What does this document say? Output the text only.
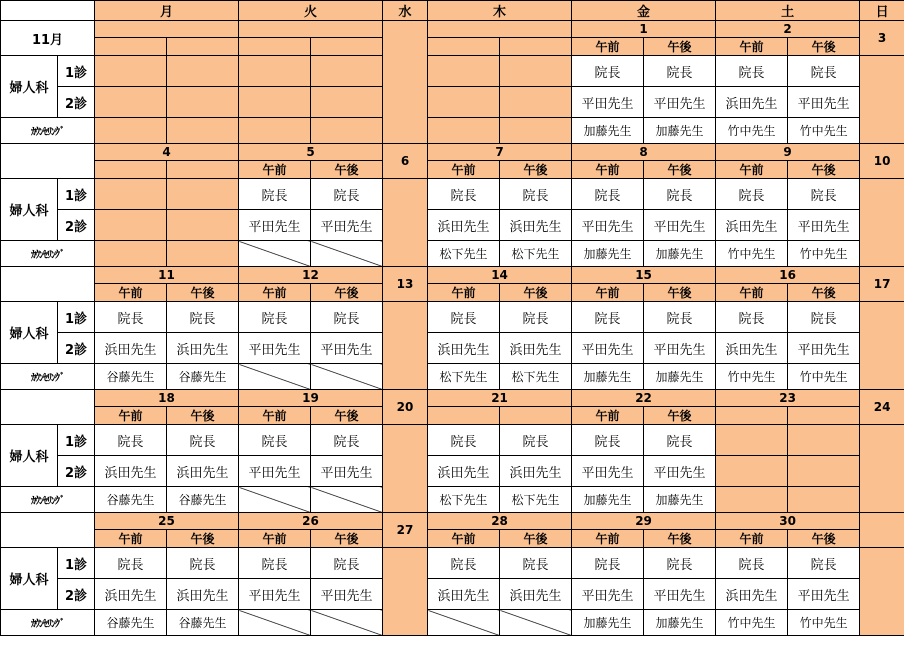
		月		火		水	木		金		土		日
11月									1		2		3
									午前	午後	午前	午後	
婦人科	1診								院長	院長	院長	院長	
	2診								平田先生	平田先生	浜田先生	平田先生	
ｶｳﾝｾﾘﾝｸﾞ									加藤先生	加藤先生	竹中先生	竹中先生	
		4		5		6	7		8		9		10
				午前	午後		午前	午後	午前	午後	午前	午後	
婦人科	1診			院長	院長		院長	院長	院長	院長	院長	院長	
	2診			平田先生	平田先生		浜田先生	浜田先生	平田先生	平田先生	浜田先生	平田先生	
ｶｳﾝｾﾘﾝｸﾞ							松下先生	松下先生	加藤先生	加藤先生	竹中先生	竹中先生	
		11		12		13	14		15		16		17
		午前	午後	午前	午後		午前	午後	午前	午後	午前	午後	
婦人科	1診	院長	院長	院長	院長		院長	院長	院長	院長	院長	院長	
	2診	浜田先生	浜田先生	平田先生	平田先生		浜田先生	浜田先生	平田先生	平田先生	浜田先生	平田先生	
ｶｳﾝｾﾘﾝｸﾞ		谷藤先生	谷藤先生				松下先生	松下先生	加藤先生	加藤先生	竹中先生	竹中先生	
		18		19		20	21		22		23		24
		午前	午後	午前	午後				午前	午後			
婦人科	1診	院長	院長	院長	院長		院長	院長	院長	院長			
	2診	浜田先生	浜田先生	平田先生	平田先生		浜田先生	浜田先生	平田先生	平田先生			
ｶｳﾝｾﾘﾝｸﾞ		谷藤先生	谷藤先生				松下先生	松下先生	加藤先生	加藤先生			
		25		26		27	28		29		30		
		午前	午後	午前	午後		午前	午後	午前	午後	午前	午後	
婦人科	1診	院長	院長	院長	院長		院長	院長	院長	院長	院長	院長	
	2診	浜田先生	浜田先生	平田先生	平田先生		浜田先生	浜田先生	平田先生	平田先生	浜田先生	平田先生	
ｶｳﾝｾﾘﾝｸﾞ		谷藤先生	谷藤先生						加藤先生	加藤先生	竹中先生	竹中先生	
